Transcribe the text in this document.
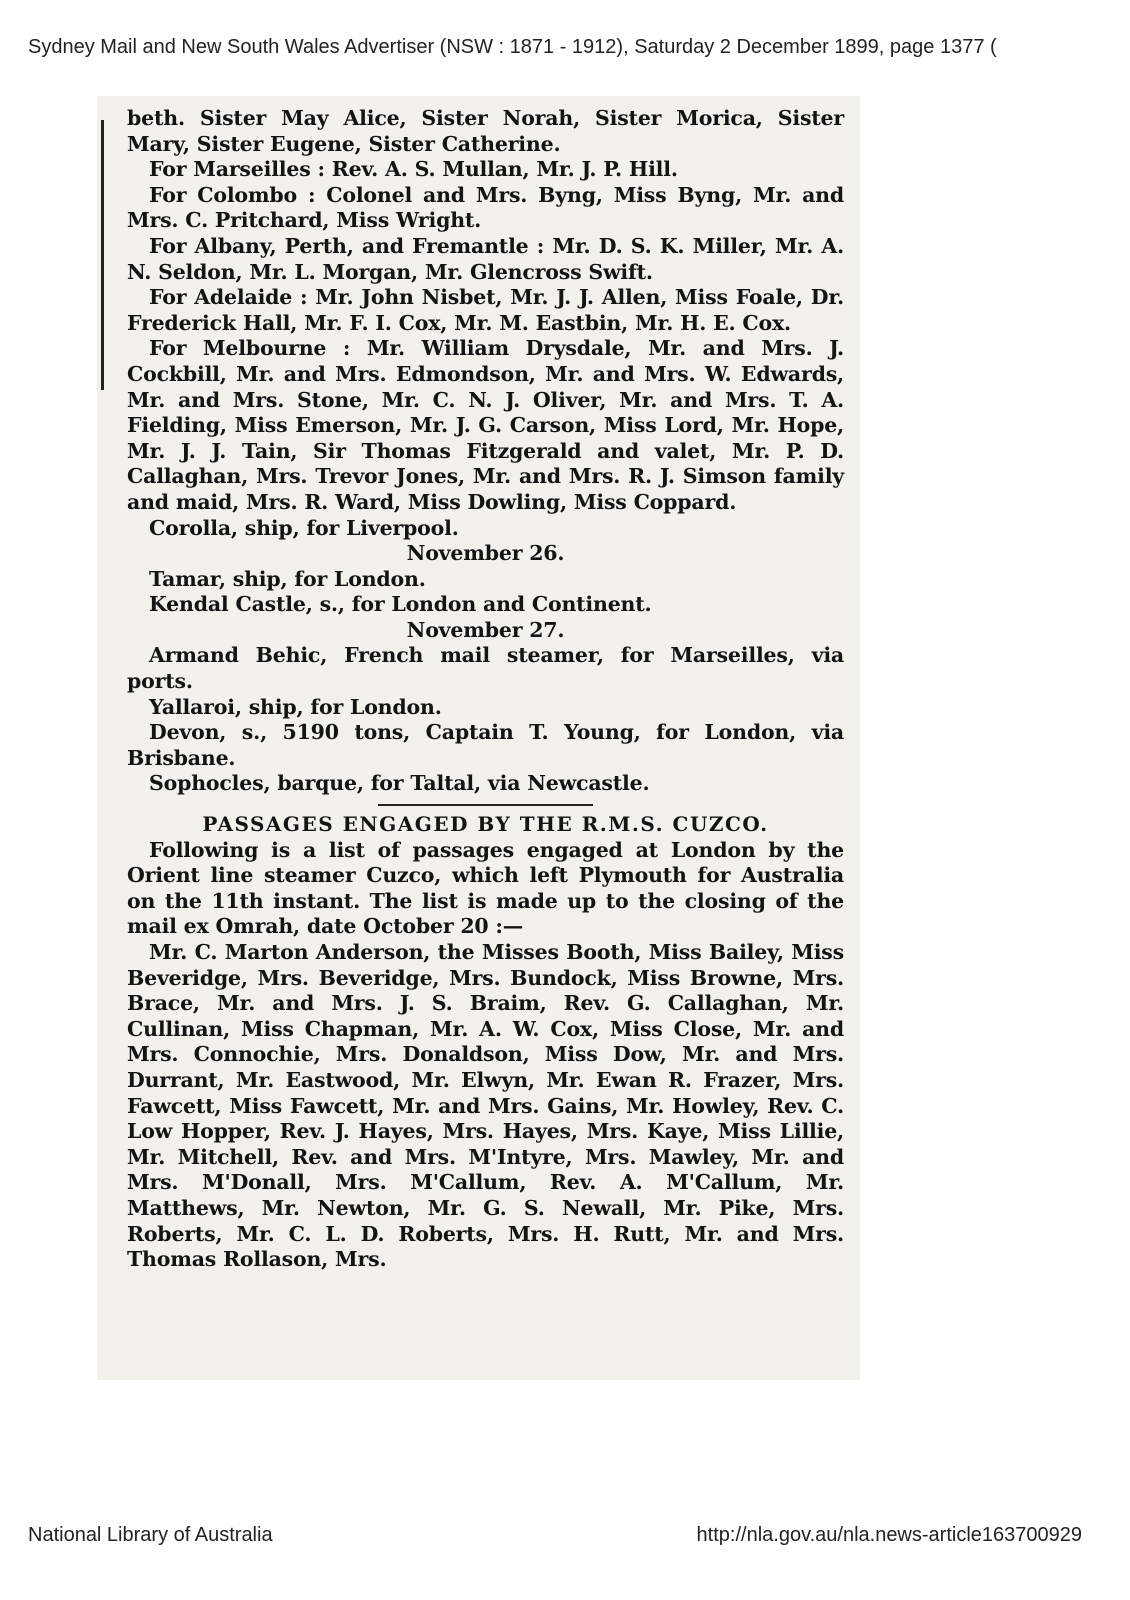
Sydney Mail and New South Wales Advertiser (NSW : 1871 - 1912), Saturday 2 December 1899, page 1377 (

beth. Sister May Alice, Sister Norah, Sister Morica, Sister Mary, Sister Eugene, Sister Catherine.

For Marseilles : Rev. A. S. Mullan, Mr. J. P. Hill.

For Colombo : Colonel and Mrs. Byng, Miss Byng, Mr. and Mrs. C. Pritchard, Miss Wright.

For Albany, Perth, and Fremantle : Mr. D. S. K. Miller, Mr. A. N. Seldon, Mr. L. Morgan, Mr. Glencross Swift.

For Adelaide : Mr. John Nisbet, Mr. J. J. Allen, Miss Foale, Dr. Frederick Hall, Mr. F. I. Cox, Mr. M. Eastbin, Mr. H. E. Cox.

For Melbourne : Mr. William Drysdale, Mr. and Mrs. J. Cockbill, Mr. and Mrs. Edmondson, Mr. and Mrs. W. Edwards, Mr. and Mrs. Stone, Mr. C. N. J. Oliver, Mr. and Mrs. T. A. Fielding, Miss Emerson, Mr. J. G. Carson, Miss Lord, Mr. Hope, Mr. J. J. Tain, Sir Thomas Fitzgerald and valet, Mr. P. D. Callaghan, Mrs. Trevor Jones, Mr. and Mrs. R. J. Simson family and maid, Mrs. R. Ward, Miss Dowling, Miss Coppard.

Corolla, ship, for Liverpool.

November 26.

Tamar, ship, for London.

Kendal Castle, s., for London and Continent.

November 27.

Armand Behic, French mail steamer, for Marseilles, via ports.

Yallaroi, ship, for London.

Devon, s., 5190 tons, Captain T. Young, for London, via Brisbane.

Sophocles, barque, for Taltal, via Newcastle.

PASSAGES ENGAGED BY THE R.M.S. CUZCO.

Following is a list of passages engaged at London by the Orient line steamer Cuzco, which left Plymouth for Australia on the 11th instant. The list is made up to the closing of the mail ex Omrah, date October 20 :—

Mr. C. Marton Anderson, the Misses Booth, Miss Bailey, Miss Beveridge, Mrs. Beveridge, Mrs. Bundock, Miss Browne, Mrs. Brace, Mr. and Mrs. J. S. Braim, Rev. G. Callaghan, Mr. Cullinan, Miss Chapman, Mr. A. W. Cox, Miss Close, Mr. and Mrs. Connochie, Mrs. Donaldson, Miss Dow, Mr. and Mrs. Durrant, Mr. Eastwood, Mr. Elwyn, Mr. Ewan R. Frazer, Mrs. Fawcett, Miss Fawcett, Mr. and Mrs. Gains, Mr. Howley, Rev. C. Low Hopper, Rev. J. Hayes, Mrs. Hayes, Mrs. Kaye, Miss Lillie, Mr. Mitchell, Rev. and Mrs. M'Intyre, Mrs. Mawley, Mr. and Mrs. M'Donall, Mrs. M'Callum, Rev. A. M'Callum, Mr. Matthews, Mr. Newton, Mr. G. S. Newall, Mr. Pike, Mrs. Roberts, Mr. C. L. D. Roberts, Mrs. H. Rutt, Mr. and Mrs. Thomas Rollason, Mrs.

National Library of Australia	http://nla.gov.au/nla.news-article163700929
